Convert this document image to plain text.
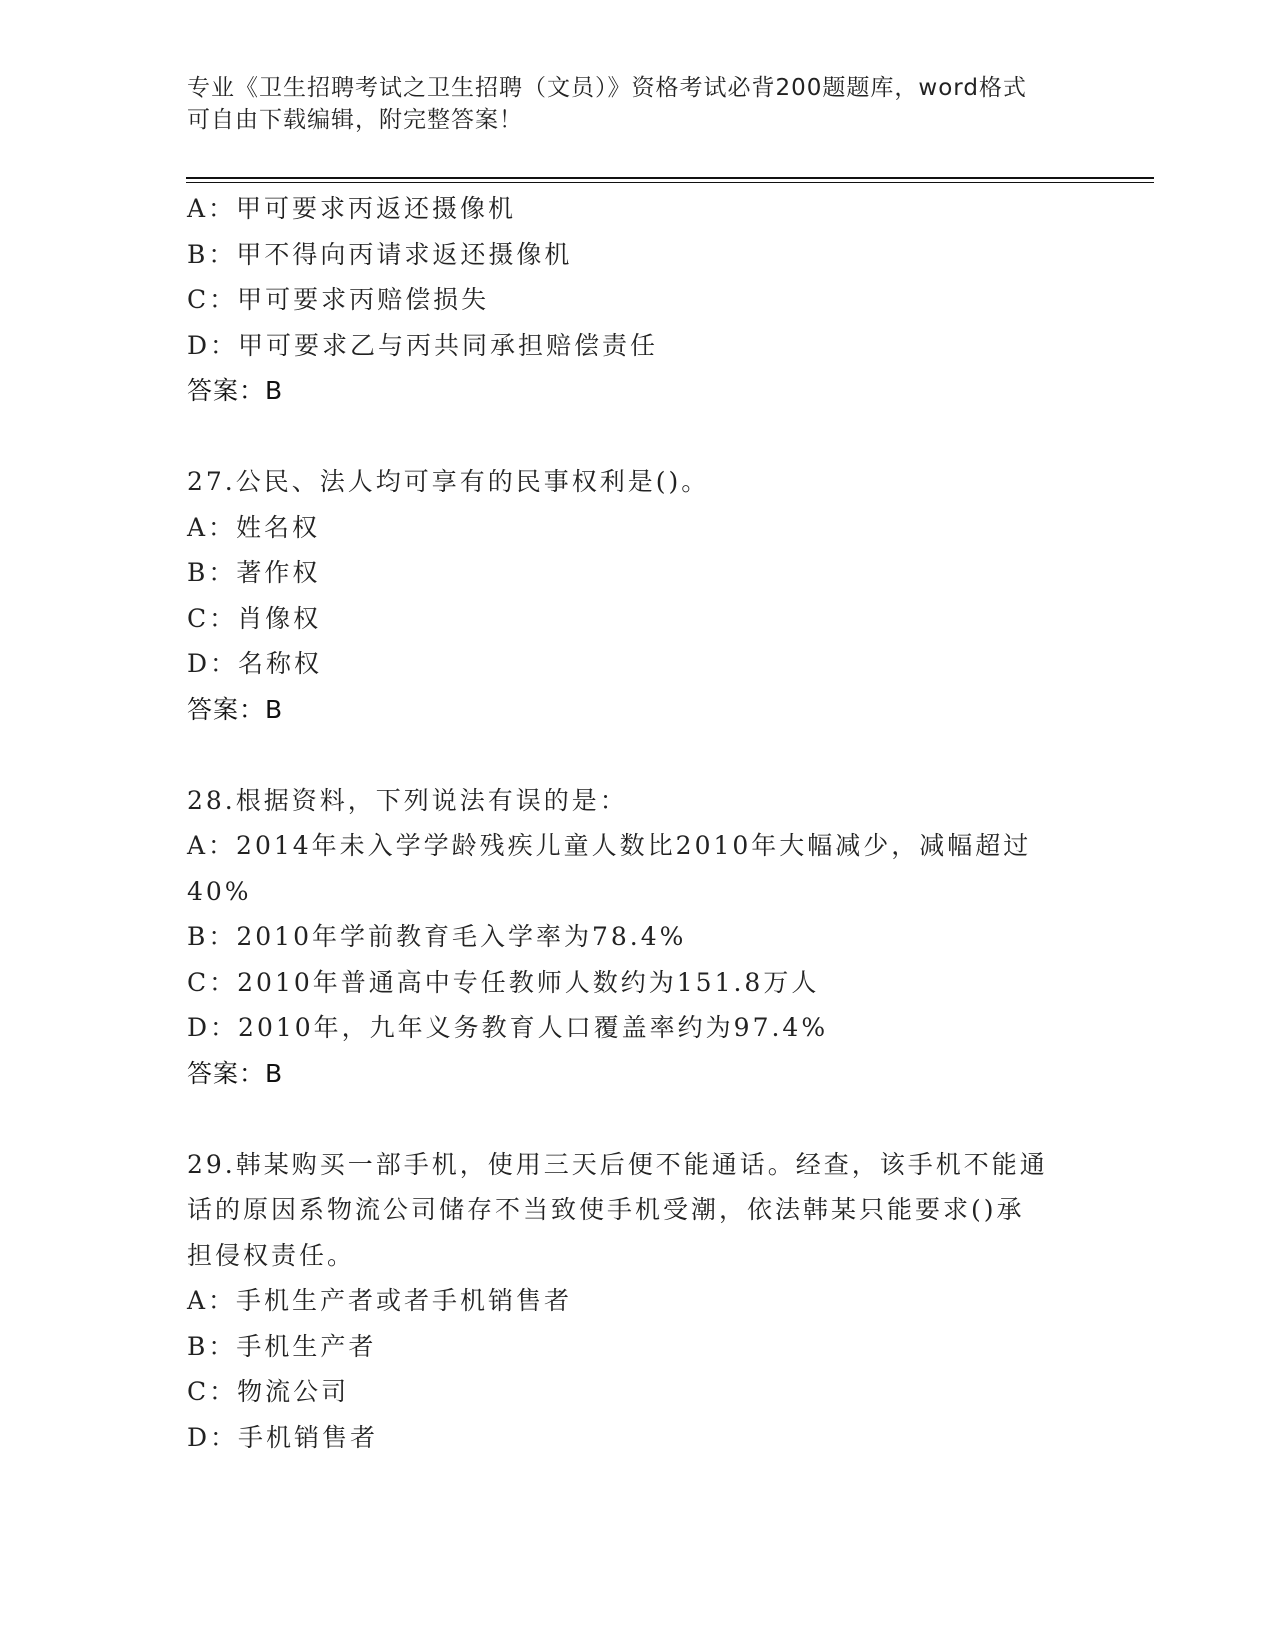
专业《卫生招聘考试之卫生招聘（文员）》资格考试必背200题题库，word格式
可自由下载编辑，附完整答案！
A：甲可要求丙返还摄像机
B：甲不得向丙请求返还摄像机
C：甲可要求丙赔偿损失
D：甲可要求乙与丙共同承担赔偿责任
答案：B
27.公民、法人均可享有的民事权利是()。
A：姓名权
B：著作权
C：肖像权
D：名称权
答案：B
28.根据资料，下列说法有误的是：
A：2014年未入学学龄残疾儿童人数比2010年大幅减少，减幅超过
40%
B：2010年学前教育毛入学率为78.4%
C：2010年普通高中专任教师人数约为151.8万人
D：2010年，九年义务教育人口覆盖率约为97.4%
答案：B
29.韩某购买一部手机，使用三天后便不能通话。经查，该手机不能通
话的原因系物流公司储存不当致使手机受潮，依法韩某只能要求()承
担侵权责任。
A：手机生产者或者手机销售者
B：手机生产者
C：物流公司
D：手机销售者
